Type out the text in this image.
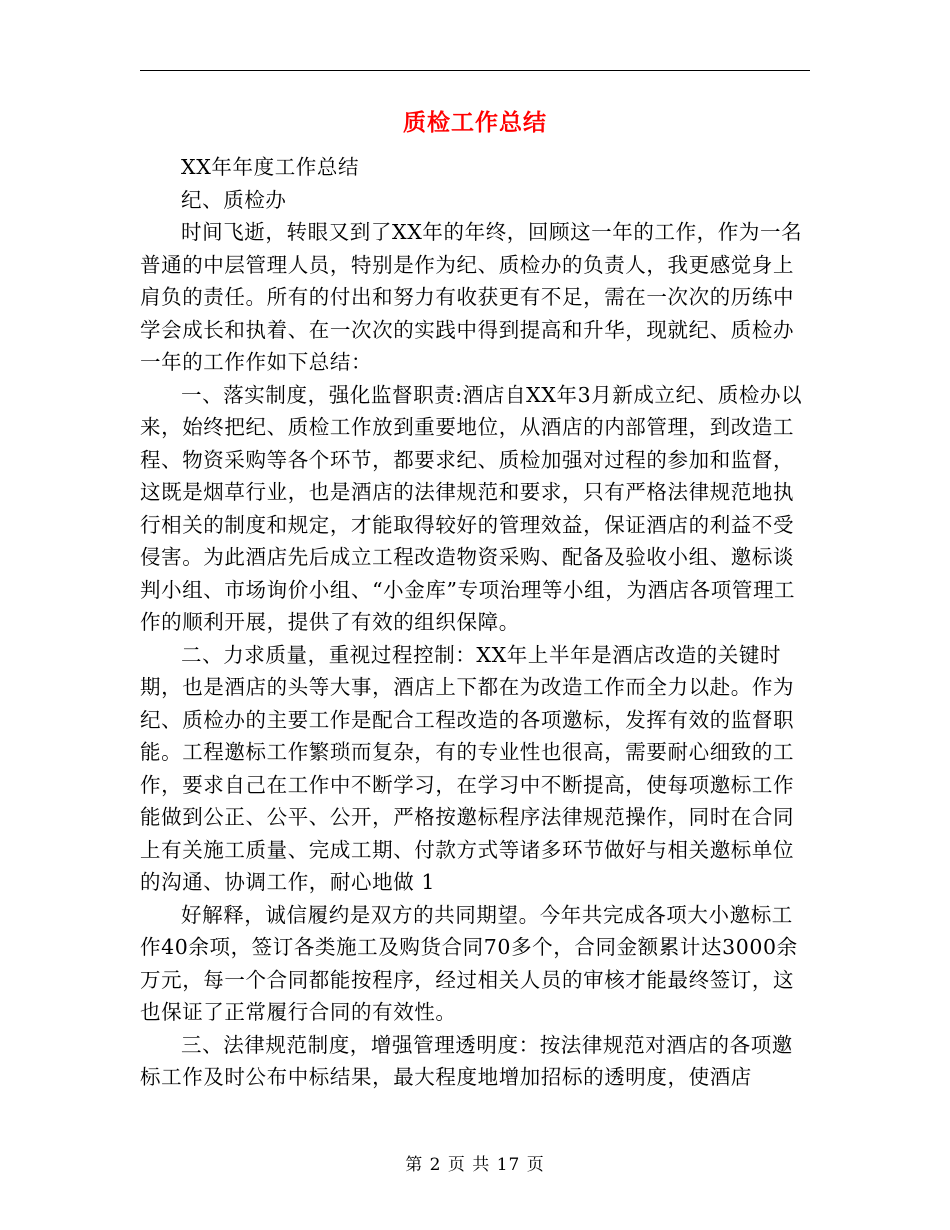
质检工作总结

XX年年度工作总结

纪、质检办

时间飞逝，转眼又到了XX年的年终，回顾这一年的工作，作为一名普通的中层管理人员，特别是作为纪、质检办的负责人，我更感觉身上肩负的责任。所有的付出和努力有收获更有不足，需在一次次的历练中学会成长和执着、在一次次的实践中得到提高和升华，现就纪、质检办一年的工作作如下总结：

一、落实制度，强化监督职责:酒店自XX年3月新成立纪、质检办以来，始终把纪、质检工作放到重要地位，从酒店的内部管理，到改造工程、物资采购等各个环节，都要求纪、质检加强对过程的参加和监督，这既是烟草行业，也是酒店的法律规范和要求，只有严格法律规范地执行相关的制度和规定，才能取得较好的管理效益，保证酒店的利益不受侵害。为此酒店先后成立工程改造物资采购、配备及验收小组、邀标谈判小组、市场询价小组、“小金库”专项治理等小组，为酒店各项管理工作的顺利开展，提供了有效的组织保障。

二、力求质量，重视过程控制：XX年上半年是酒店改造的关键时期，也是酒店的头等大事，酒店上下都在为改造工作而全力以赴。作为纪、质检办的主要工作是配合工程改造的各项邀标，发挥有效的监督职能。工程邀标工作繁琐而复杂，有的专业性也很高，需要耐心细致的工作，要求自己在工作中不断学习，在学习中不断提高，使每项邀标工作能做到公正、公平、公开，严格按邀标程序法律规范操作，同时在合同上有关施工质量、完成工期、付款方式等诸多环节做好与相关邀标单位的沟通、协调工作，耐心地做 1

好解释，诚信履约是双方的共同期望。今年共完成各项大小邀标工作40余项，签订各类施工及购货合同70多个，合同金额累计达3000余万元，每一个合同都能按程序，经过相关人员的审核才能最终签订，这也保证了正常履行合同的有效性。

三、法律规范制度，增强管理透明度：按法律规范对酒店的各项邀标工作及时公布中标结果，最大程度地增加招标的透明度，使酒店

第 2 页 共 17 页
